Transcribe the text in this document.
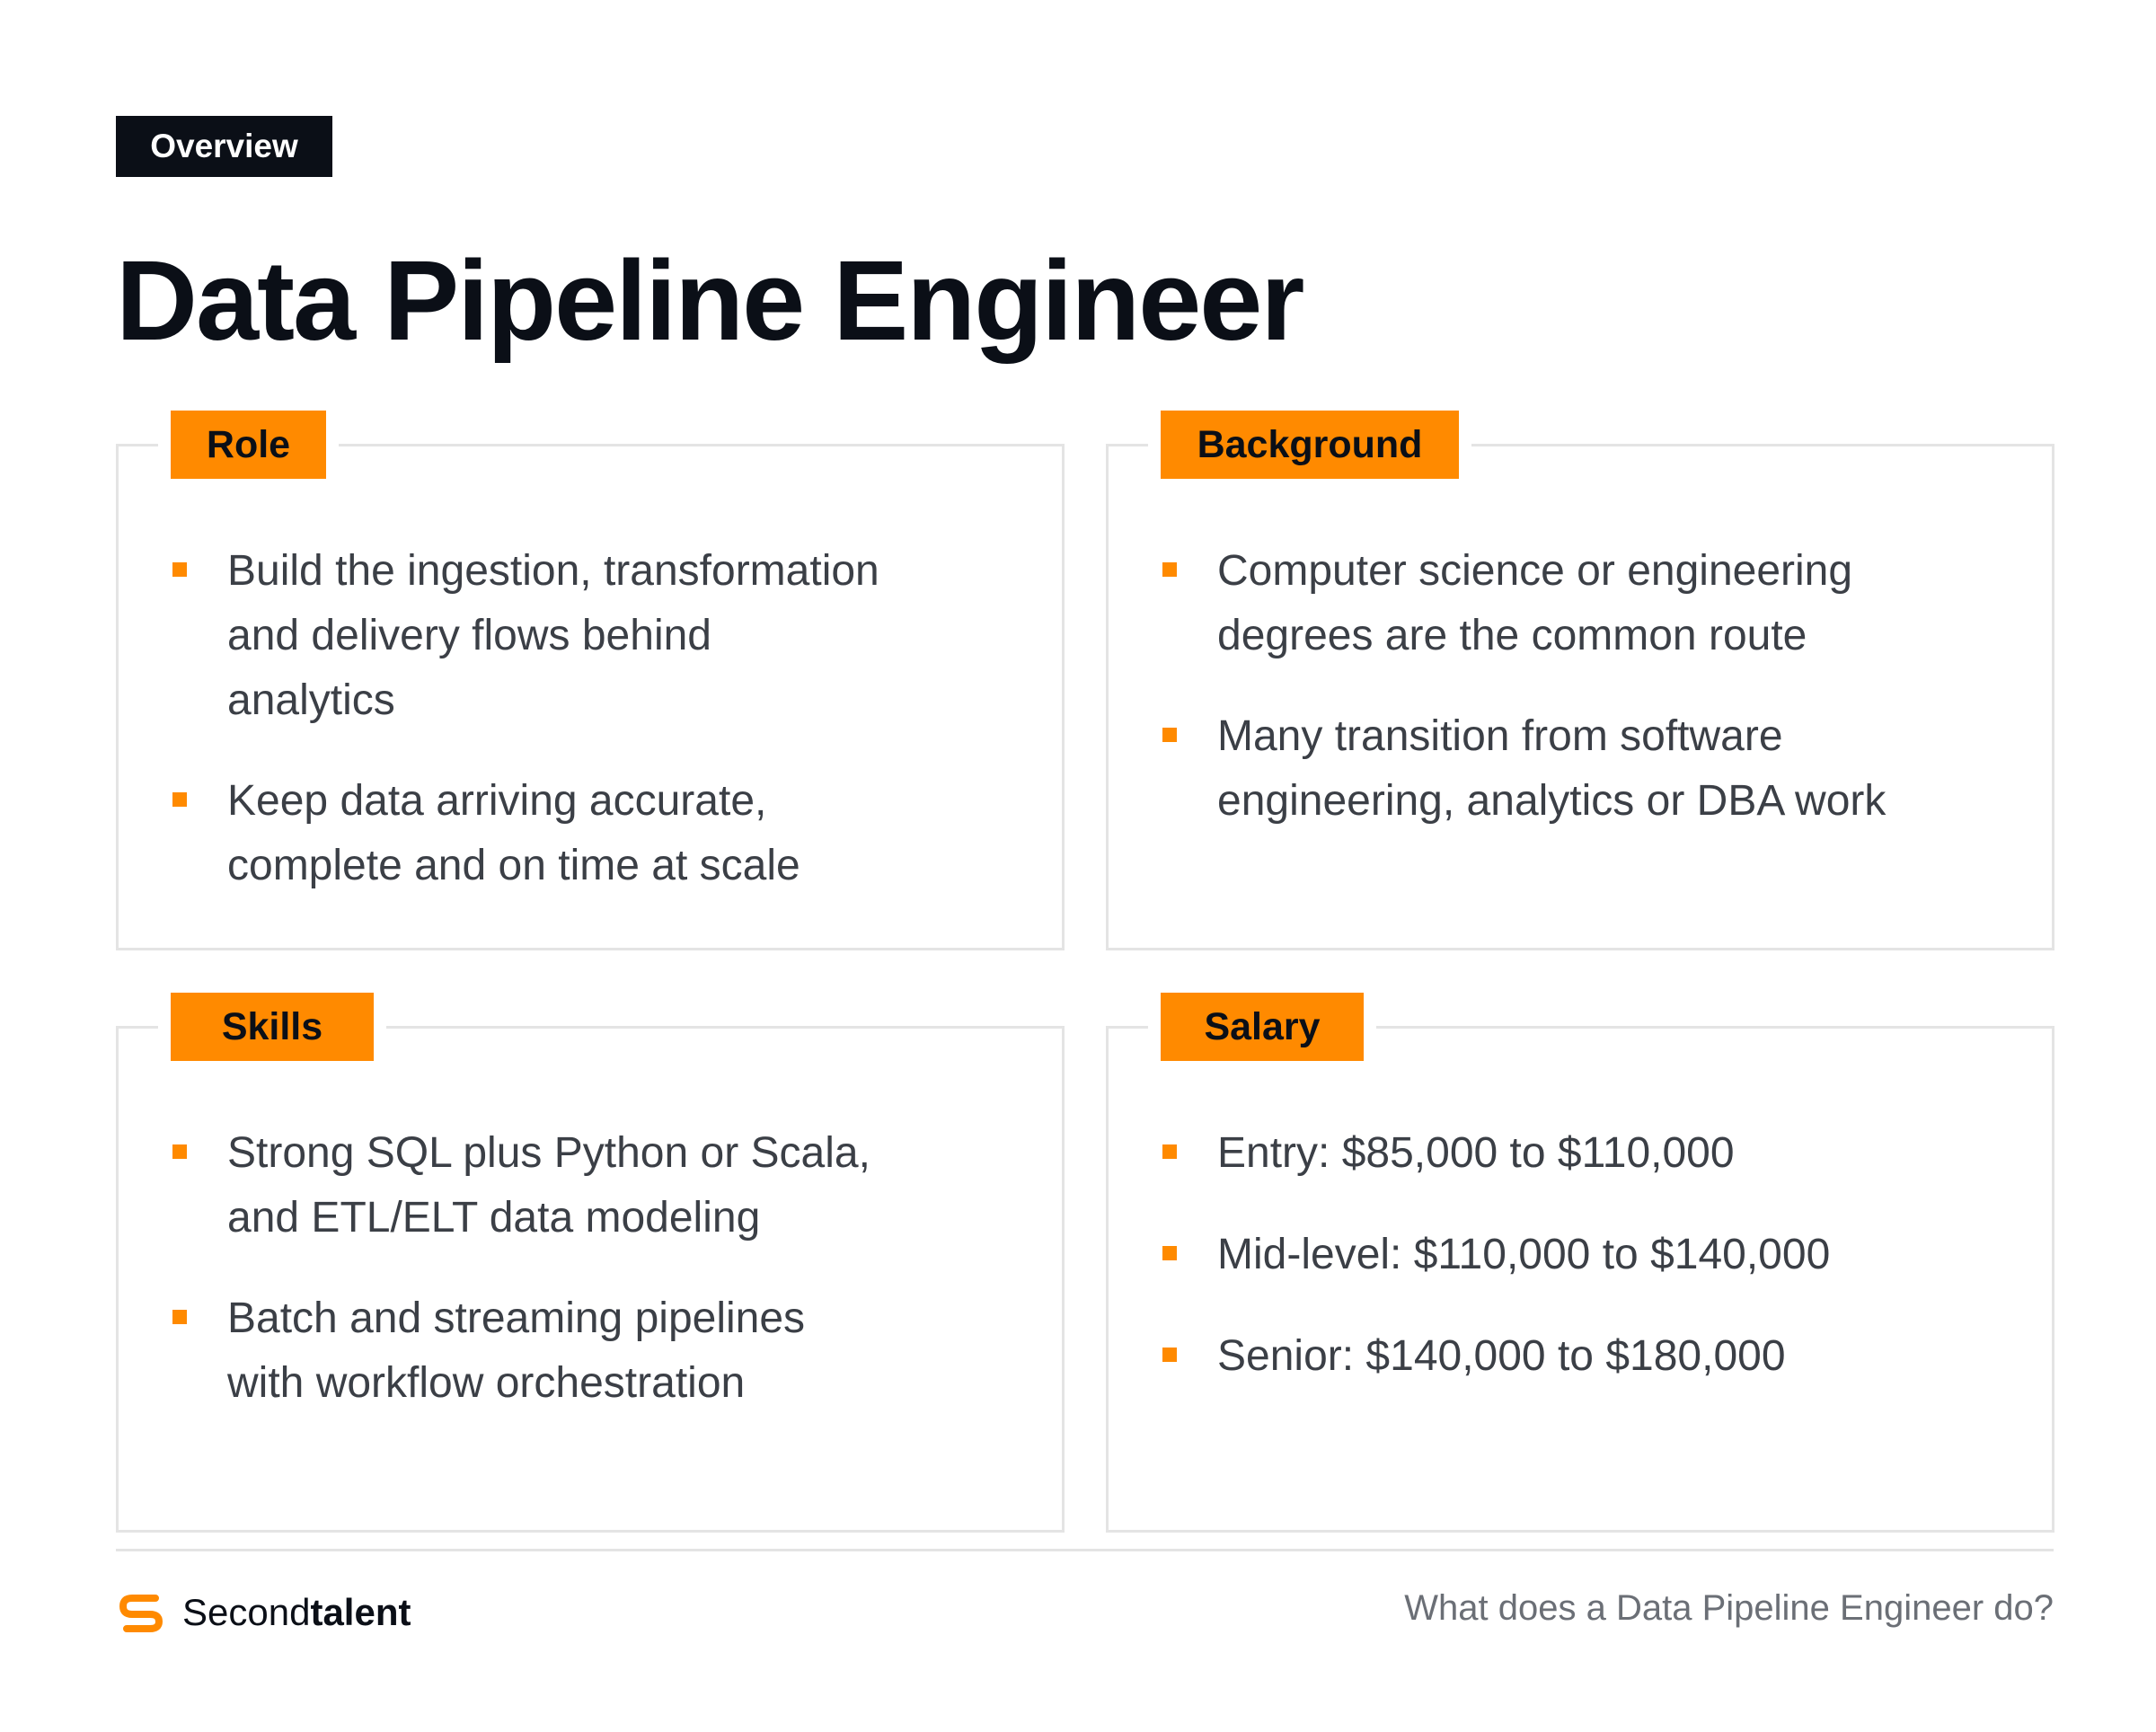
Overview
Data Pipeline Engineer
Role
Build the ingestion, transformation and delivery flows behind analytics
Keep data arriving accurate, complete and on time at scale
Background
Computer science or engineering degrees are the common route
Many transition from software engineering, analytics or DBA work
Skills
Strong SQL plus Python or Scala, and ETL/ELT data modeling
Batch and streaming pipelines with workflow orchestration
Salary
Entry: $85,000 to $110,000
Mid-level: $110,000 to $140,000
Senior: $140,000 to $180,000
Secondtalent	What does a Data Pipeline Engineer do?
